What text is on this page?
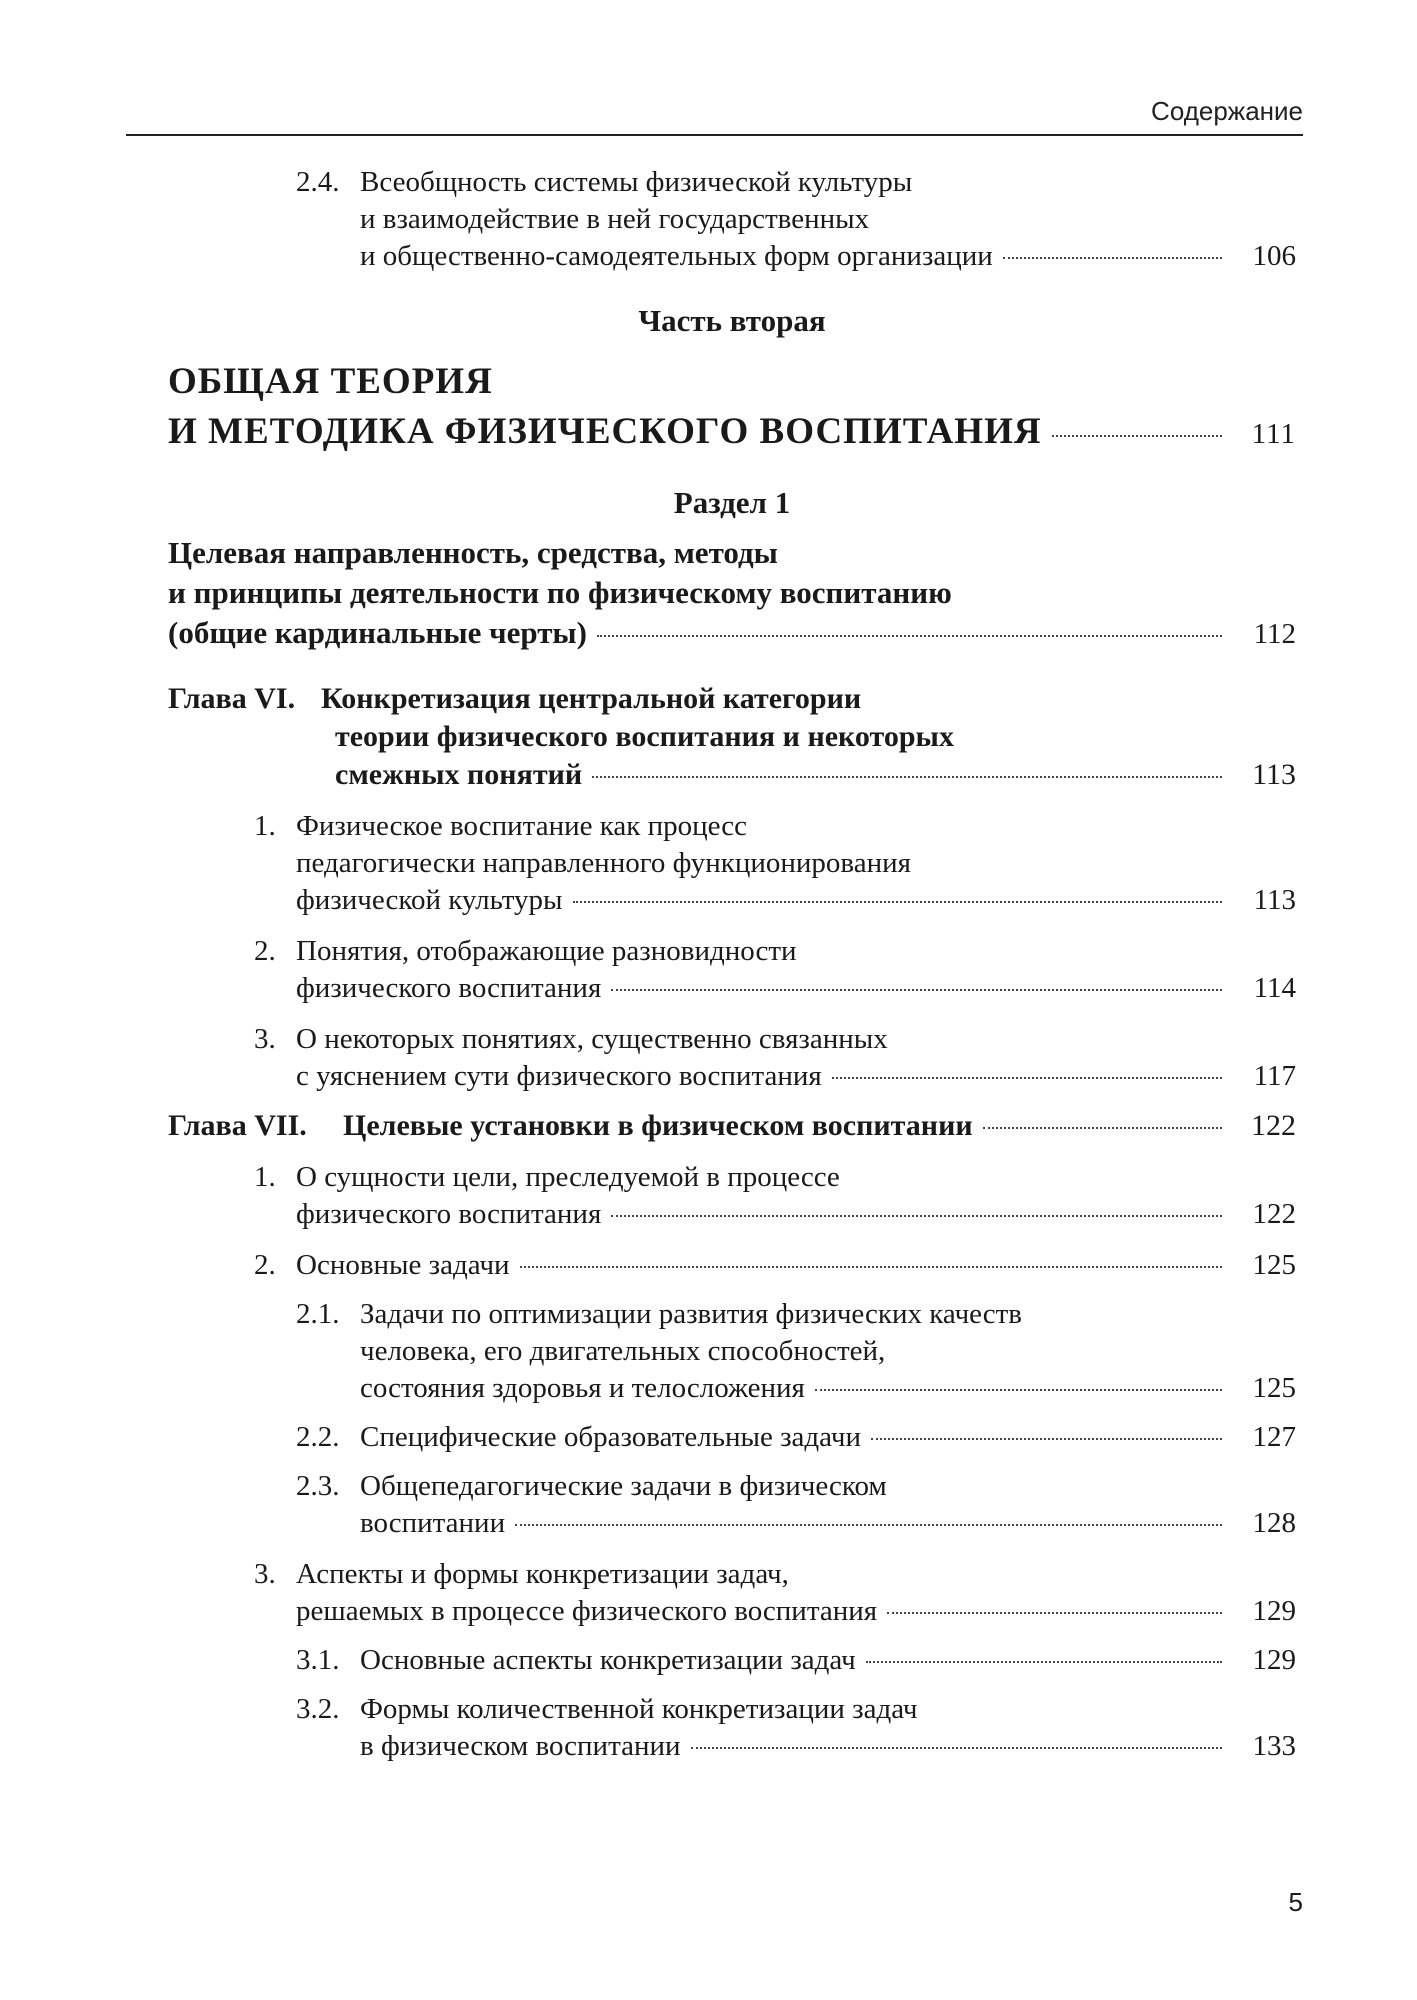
Содержание
2.4. Всеобщность системы физической культуры
и взаимодействие в ней государственных
и общественно-самодеятельных форм организации	106
Часть вторая
ОБЩАЯ ТЕОРИЯ
И МЕТОДИКА ФИЗИЧЕСКОГО ВОСПИТАНИЯ	111
Раздел 1
Целевая направленность, средства, методы
и принципы деятельности по физическому воспитанию
(общие кардинальные черты)	112
Глава VI. Конкретизация центральной категории
теории физического воспитания и некоторых
смежных понятий	113
1. Физическое воспитание как процесс
педагогически направленного функционирования
физической культуры	113
2. Понятия, отображающие разновидности
физического воспитания	114
3. О некоторых понятиях, существенно связанных
с уяснением сути физического воспитания	117
Глава VII. Целевые установки в физическом воспитании	122
1. О сущности цели, преследуемой в процессе
физического воспитания	122
2. Основные задачи	125
2.1. Задачи по оптимизации развития физических качеств
человека, его двигательных способностей,
состояния здоровья и телосложения	125
2.2. Специфические образовательные задачи	127
2.3. Общепедагогические задачи в физическом
воспитании	128
3. Аспекты и формы конкретизации задач,
решаемых в процессе физического воспитания	129
3.1. Основные аспекты конкретизации задач	129
3.2. Формы количественной конкретизации задач
в физическом воспитании	133
5
